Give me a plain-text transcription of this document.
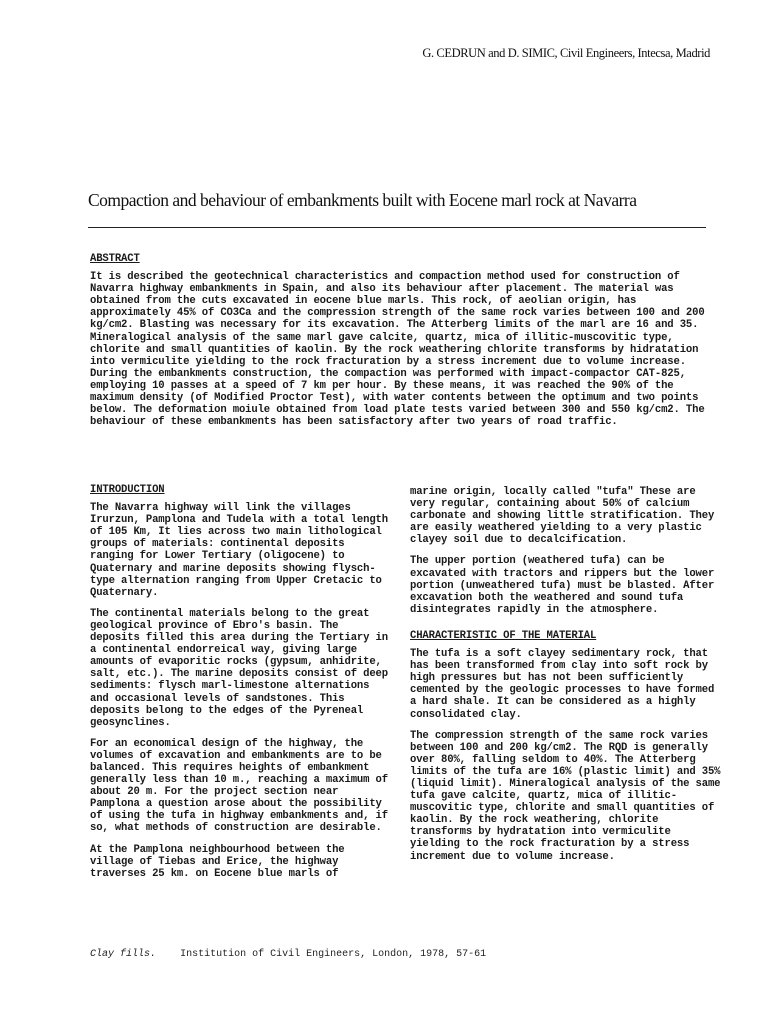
G. CEDRUN and D. SIMIC, Civil Engineers, Intecsa, Madrid
Compaction and behaviour of embankments built with Eocene marl rock at Navarra
ABSTRACT

It is described the geotechnical characteristics and compaction method used for construction of Navarra highway embankments in Spain, and also its behaviour after placement. The material was obtained from the cuts excavated in eocene blue marls. This rock, of aeolian origin, has approximately 45% of CO3Ca and the compression strength of the same rock varies between 100 and 200 kg/cm2. Blasting was necessary for its excavation. The Atterberg limits of the marl are 16 and 35. Mineralogical analysis of the same marl gave calcite, quartz, mica of illitic-muscovitic type, chlorite and small quantities of kaolin. By the rock weathering chlorite transforms by hidratation into vermiculite yielding to the rock fracturation by a stress increment due to volume increase. During the embankments construction, the compaction was performed with impact-compactor CAT-825, employing 10 passes at a speed of 7 km per hour. By these means, it was reached the 90% of the maximum density (of Modified Proctor Test), with water contents between the optimum and two points below. The deformation moiule obtained from load plate tests varied between 300 and 550 kg/cm2. The behaviour of these embankments has been satisfactory after two years of road traffic.

INTRODUCTION

The Navarra highway will link the villages Irurzun, Pamplona and Tudela with a total length of 105 Km, It lies across two main lithological groups of materials: continental deposits ranging for Lower Tertiary (oligocene) to Quaternary and marine deposits showing flysch-type alternation ranging from Upper Cretacic to Quaternary.

The continental materials belong to the great geological province of Ebro's basin. The deposits filled this area during the Tertiary in a continental endorreical way, giving large amounts of evaporitic rocks (gypsum, anhidrite, salt, etc.). The marine deposits consist of deep sediments: flysch marl-limestone alternations and occasional levels of sandstones. This deposits belong to the edges of the Pyreneal geosynclines.

For an economical design of the highway, the volumes of excavation and embankments are to be balanced. This requires heights of embankment generally less than 10 m., reaching a maximum of about 20 m. For the project section near Pamplona a question arose about the possibility of using the tufa in highway embankments and, if so, what methods of construction are desirable.

At the Pamplona neighbourhood between the village of Tiebas and Erice, the highway traverses 25 km. on Eocene blue marls of

marine origin, locally called "tufa" These are very regular, containing about 50% of calcium carbonate and showing little stratification. They are easily weathered yielding to a very plastic clayey soil due to decalcification.

The upper portion (weathered tufa) can be excavated with tractors and rippers but the lower portion (unweathered tufa) must be blasted. After excavation both the weathered and sound tufa disintegrates rapidly in the atmosphere.

CHARACTERISTIC OF THE MATERIAL

The tufa is a soft clayey sedimentary rock, that has been transformed from clay into soft rock by high pressures but has not been sufficiently cemented by the geologic processes to have formed a hard shale. It can be considered as a highly consolidated clay.

The compression strength of the same rock varies between 100 and 200 kg/cm2. The RQD is generally over 80%, falling seldom to 40%. The Atterberg limits of the tufa are 16% (plastic limit) and 35% (liquid limit). Mineralogical analysis of the same tufa gave calcite, quartz, mica of illitic-muscovitic type, chlorite and small quantities of kaolin. By the rock weathering, chlorite transforms by hydratation into vermiculite yielding to the rock fracturation by a stress increment due to volume increase.

Clay fills. Institution of Civil Engineers, London, 1978, 57-61
